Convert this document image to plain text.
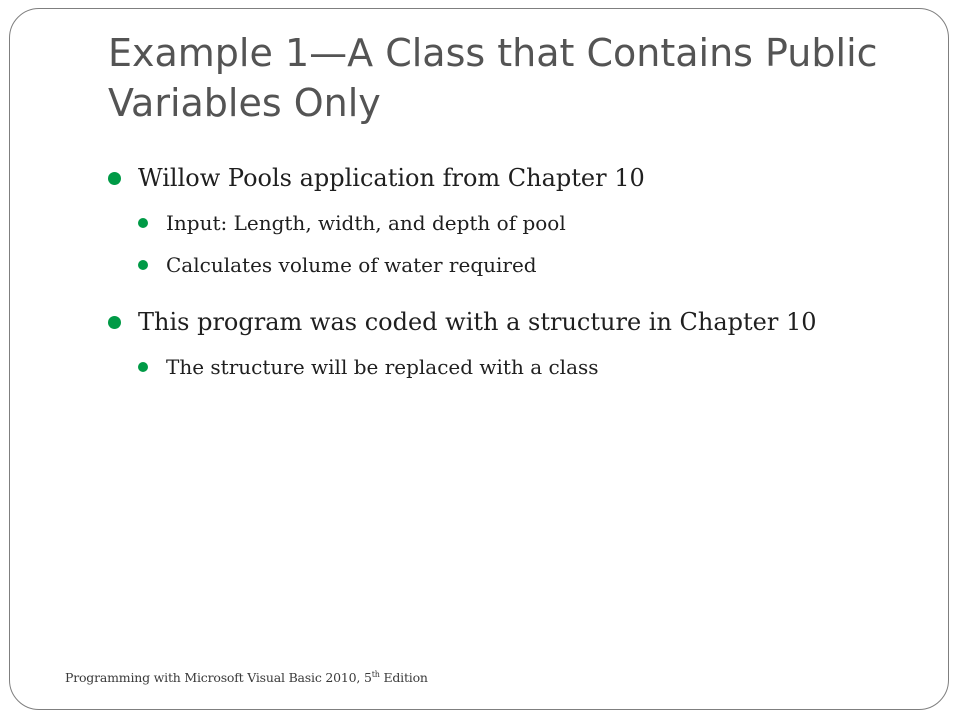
Example 1—A Class that Contains Public Variables Only
Willow Pools application from Chapter 10
Input: Length, width, and depth of pool
Calculates volume of water required
This program was coded with a structure in Chapter 10
The structure will be replaced with a class
Programming with Microsoft Visual Basic 2010, 5th Edition
